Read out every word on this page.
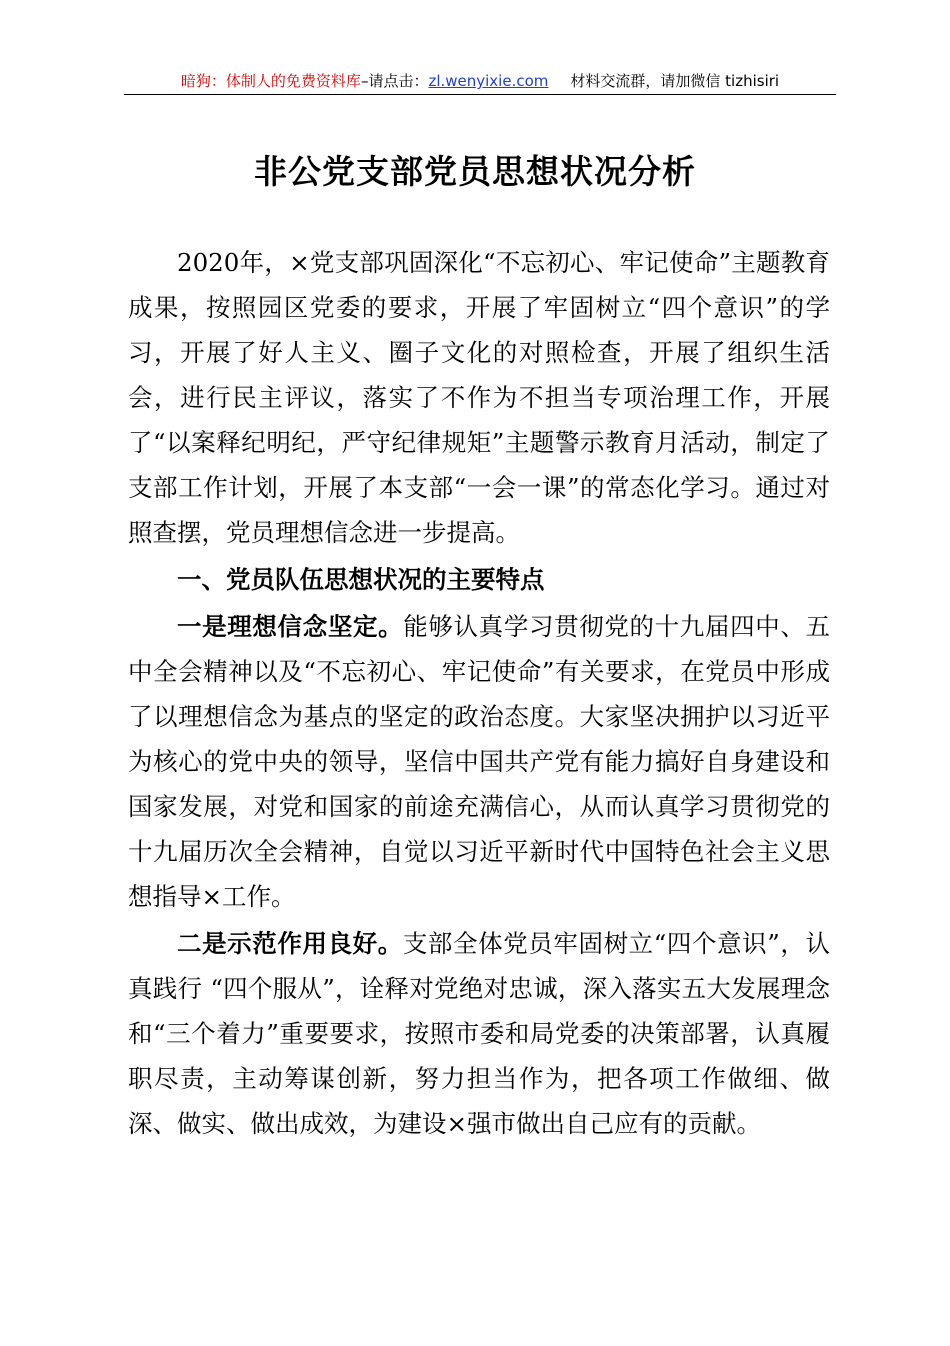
暗狗：体制人的免费资料库–请点击：zl.wenyixie.com 材料交流群，请加微信 tizhisiri
非公党支部党员思想状况分析

2020年，×党支部巩固深化“不忘初心、牢记使命”主题教育成果，按照园区党委的要求，开展了牢固树立“四个意识”的学习，开展了好人主义、圈子文化的对照检查，开展了组织生活会，进行民主评议，落实了不作为不担当专项治理工作，开展了“以案释纪明纪，严守纪律规矩”主题警示教育月活动，制定了支部工作计划，开展了本支部“一会一课”的常态化学习。通过对照查摆，党员理想信念进一步提高。

一、党员队伍思想状况的主要特点

一是理想信念坚定。能够认真学习贯彻党的十九届四中、五中全会精神以及“不忘初心、牢记使命”有关要求，在党员中形成了以理想信念为基点的坚定的政治态度。大家坚决拥护以习近平为核心的党中央的领导，坚信中国共产党有能力搞好自身建设和国家发展，对党和国家的前途充满信心，从而认真学习贯彻党的十九届历次全会精神，自觉以习近平新时代中国特色社会主义思想指导×工作。

二是示范作用良好。支部全体党员牢固树立“四个意识”，认真践行 “四个服从”，诠释对党绝对忠诚，深入落实五大发展理念和“三个着力”重要要求，按照市委和局党委的决策部署，认真履职尽责，主动筹谋创新，努力担当作为，把各项工作做细、做深、做实、做出成效，为建设×强市做出自己应有的贡献。
